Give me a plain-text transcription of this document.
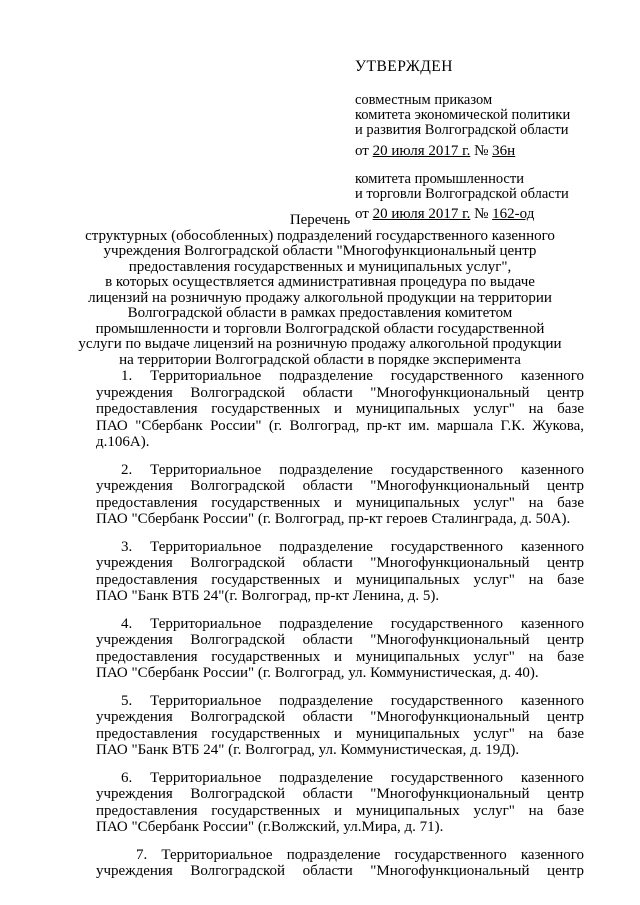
УТВЕРЖДЕН
совместным приказом
комитета экономической политики
и развития Волгоградской области
от 20 июля 2017 г. № 36н
комитета промышленности
и торговли Волгоградской области
от 20 июля 2017 г. № 162-од
Перечень
структурных (обособленных) подразделений государственного казенного
учреждения Волгоградской области "Многофункциональный центр
предоставления государственных и муниципальных услуг",
в которых осуществляется административная процедура по выдаче
лицензий на розничную продажу алкогольной продукции на территории
Волгоградской области в рамках предоставления комитетом
промышленности и торговли Волгоградской области государственной
услуги по выдаче лицензий на розничную продажу алкогольной продукции
на территории Волгоградской области в порядке эксперимента
1. Территориальное подразделение государственного казенного
учреждения Волгоградской области "Многофункциональный центр
предоставления государственных и муниципальных услуг" на базе
ПАО "Сбербанк России" (г. Волгоград, пр-кт им. маршала Г.К. Жукова,
д.106А).
2. Территориальное подразделение государственного казенного
учреждения Волгоградской области "Многофункциональный центр
предоставления государственных и муниципальных услуг" на базе
ПАО "Сбербанк России" (г. Волгоград, пр-кт героев Сталинграда, д. 50А).
3. Территориальное подразделение государственного казенного
учреждения Волгоградской области "Многофункциональный центр
предоставления государственных и муниципальных услуг" на базе
ПАО "Банк ВТБ 24"(г. Волгоград, пр-кт Ленина, д. 5).
4. Территориальное подразделение государственного казенного
учреждения Волгоградской области "Многофункциональный центр
предоставления государственных и муниципальных услуг" на базе
ПАО "Сбербанк России" (г. Волгоград, ул. Коммунистическая, д. 40).
5. Территориальное подразделение государственного казенного
учреждения Волгоградской области "Многофункциональный центр
предоставления государственных и муниципальных услуг" на базе
ПАО "Банк ВТБ 24" (г. Волгоград, ул. Коммунистическая, д. 19Д).
6. Территориальное подразделение государственного казенного
учреждения Волгоградской области "Многофункциональный центр
предоставления государственных и муниципальных услуг" на базе
ПАО "Сбербанк России" (г.Волжский, ул.Мира, д. 71).
7. Территориальное подразделение государственного казенного
учреждения Волгоградской области "Многофункциональный центр
